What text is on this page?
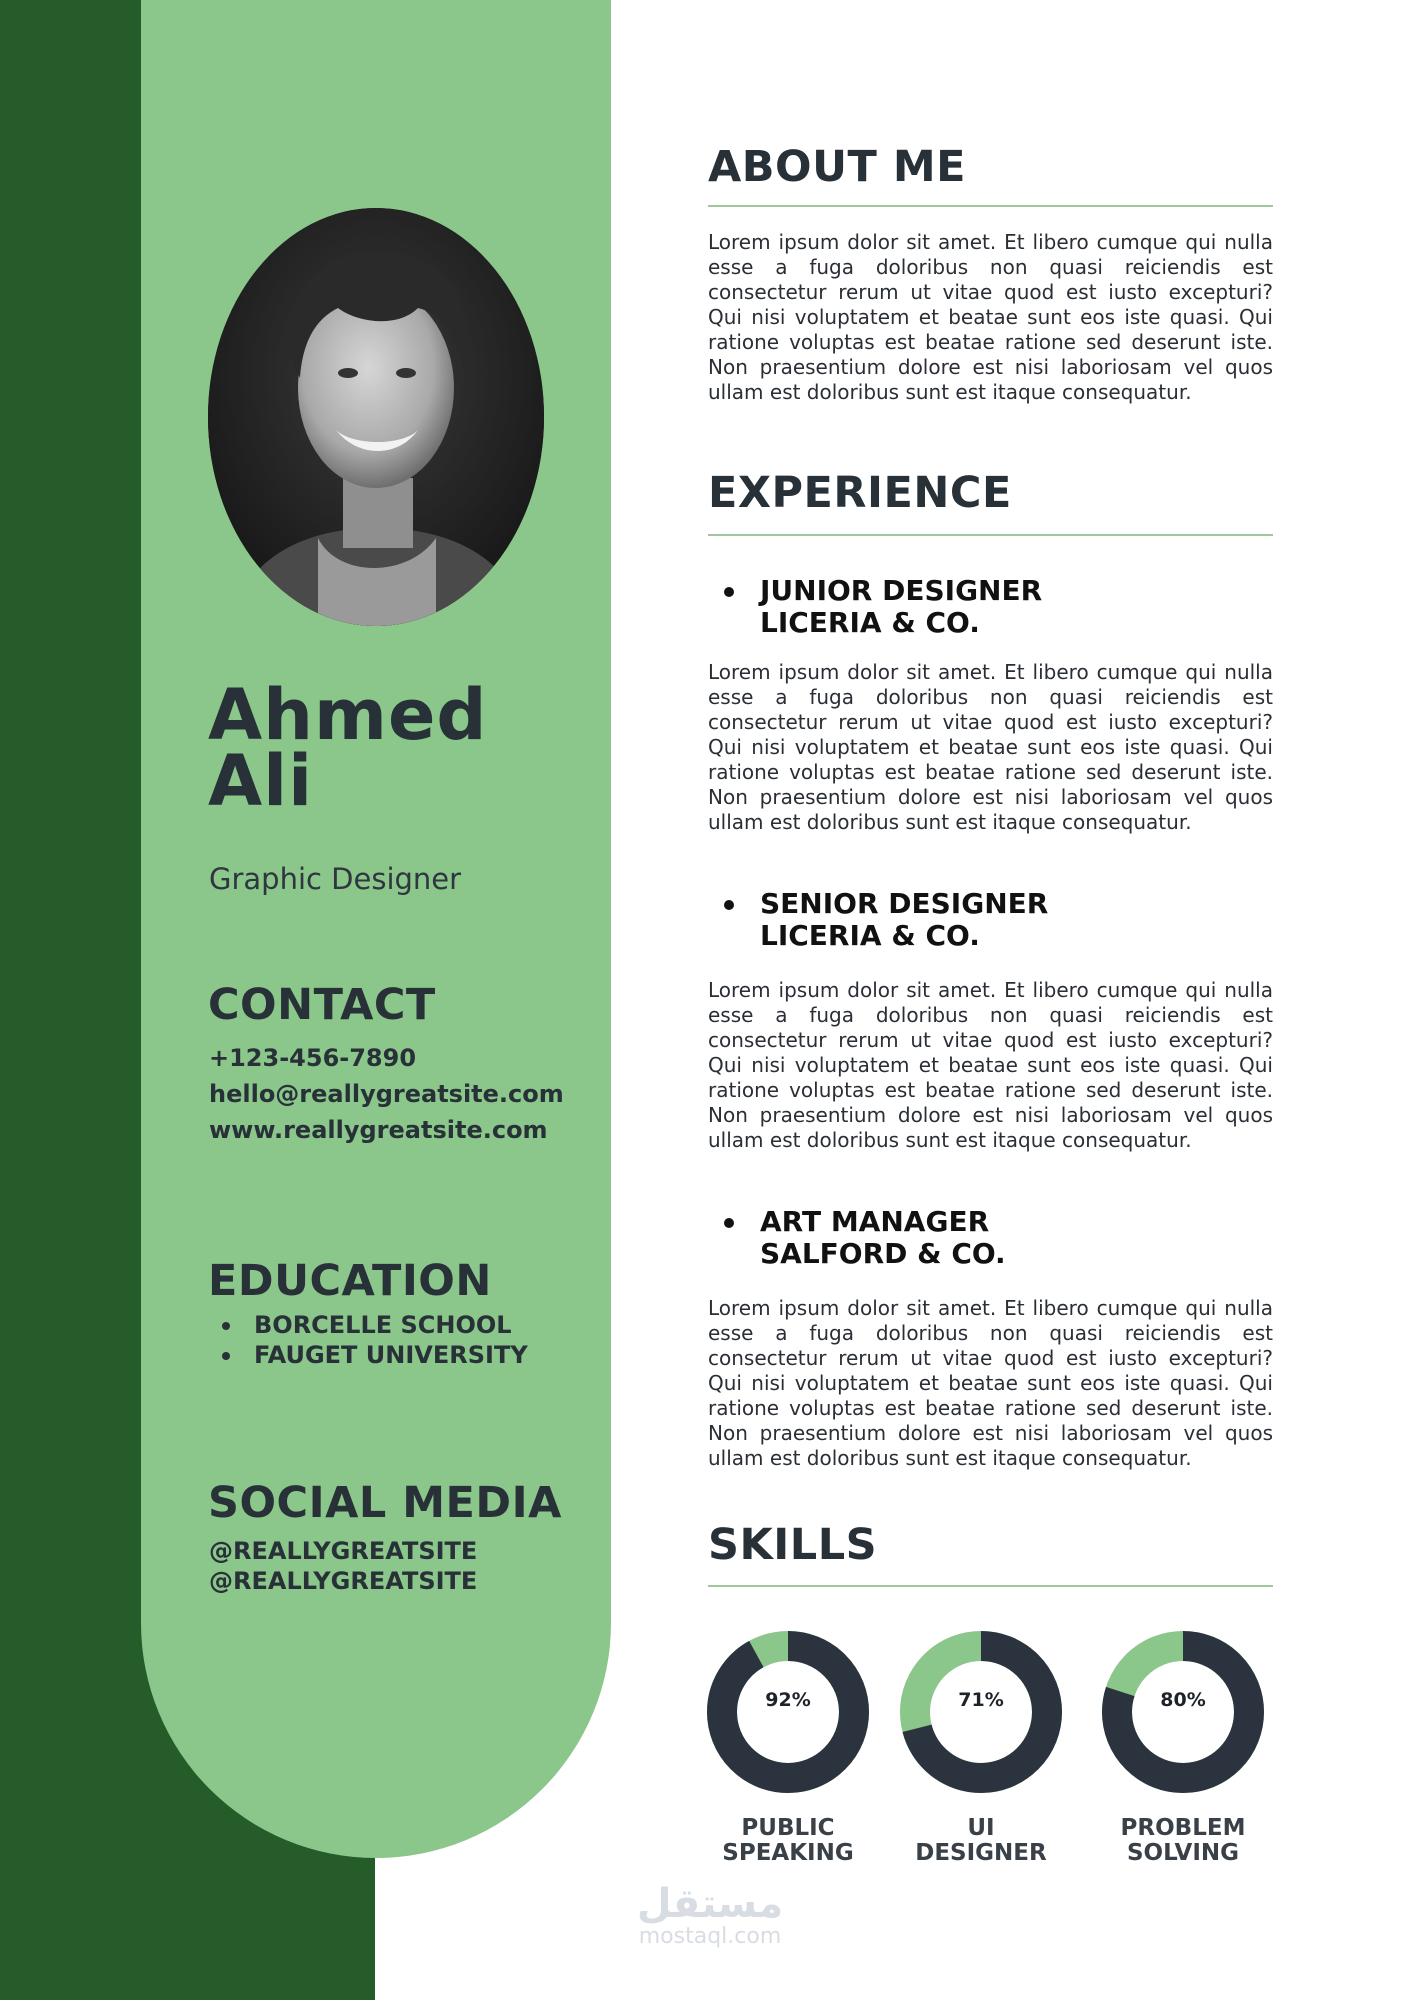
Ahmed
Ali
Graphic Designer
CONTACT
+123-456-7890
hello@reallygreatsite.com
www.reallygreatsite.com
EDUCATION
BORCELLE SCHOOL
FAUGET UNIVERSITY
SOCIAL MEDIA
@REALLYGREATSITE
@REALLYGREATSITE
ABOUT ME
Lorem ipsum dolor sit amet. Et libero cumque qui nulla esse a fuga doloribus non quasi reiciendis est consectetur rerum ut vitae quod est iusto excepturi? Qui nisi voluptatem et beatae sunt eos iste quasi. Qui ratione voluptas est beatae ratione sed deserunt iste. Non praesentium dolore est nisi laboriosam vel quos ullam est doloribus sunt est itaque consequatur.
EXPERIENCE
JUNIOR DESIGNER
LICERIA & CO.
Lorem ipsum dolor sit amet. Et libero cumque qui nulla esse a fuga doloribus non quasi reiciendis est consectetur rerum ut vitae quod est iusto excepturi? Qui nisi voluptatem et beatae sunt eos iste quasi. Qui ratione voluptas est beatae ratione sed deserunt iste. Non praesentium dolore est nisi laboriosam vel quos ullam est doloribus sunt est itaque consequatur.
SENIOR DESIGNER
LICERIA & CO.
Lorem ipsum dolor sit amet. Et libero cumque qui nulla esse a fuga doloribus non quasi reiciendis est consectetur rerum ut vitae quod est iusto excepturi? Qui nisi voluptatem et beatae sunt eos iste quasi. Qui ratione voluptas est beatae ratione sed deserunt iste. Non praesentium dolore est nisi laboriosam vel quos ullam est doloribus sunt est itaque consequatur.
ART MANAGER
SALFORD & CO.
Lorem ipsum dolor sit amet. Et libero cumque qui nulla esse a fuga doloribus non quasi reiciendis est consectetur rerum ut vitae quod est iusto excepturi? Qui nisi voluptatem et beatae sunt eos iste quasi. Qui ratione voluptas est beatae ratione sed deserunt iste. Non praesentium dolore est nisi laboriosam vel quos ullam est doloribus sunt est itaque consequatur.
SKILLS
92%
PUBLIC
SPEAKING
71%
UI
DESIGNER
80%
PROBLEM
SOLVING
مستقل
mostaql.com
